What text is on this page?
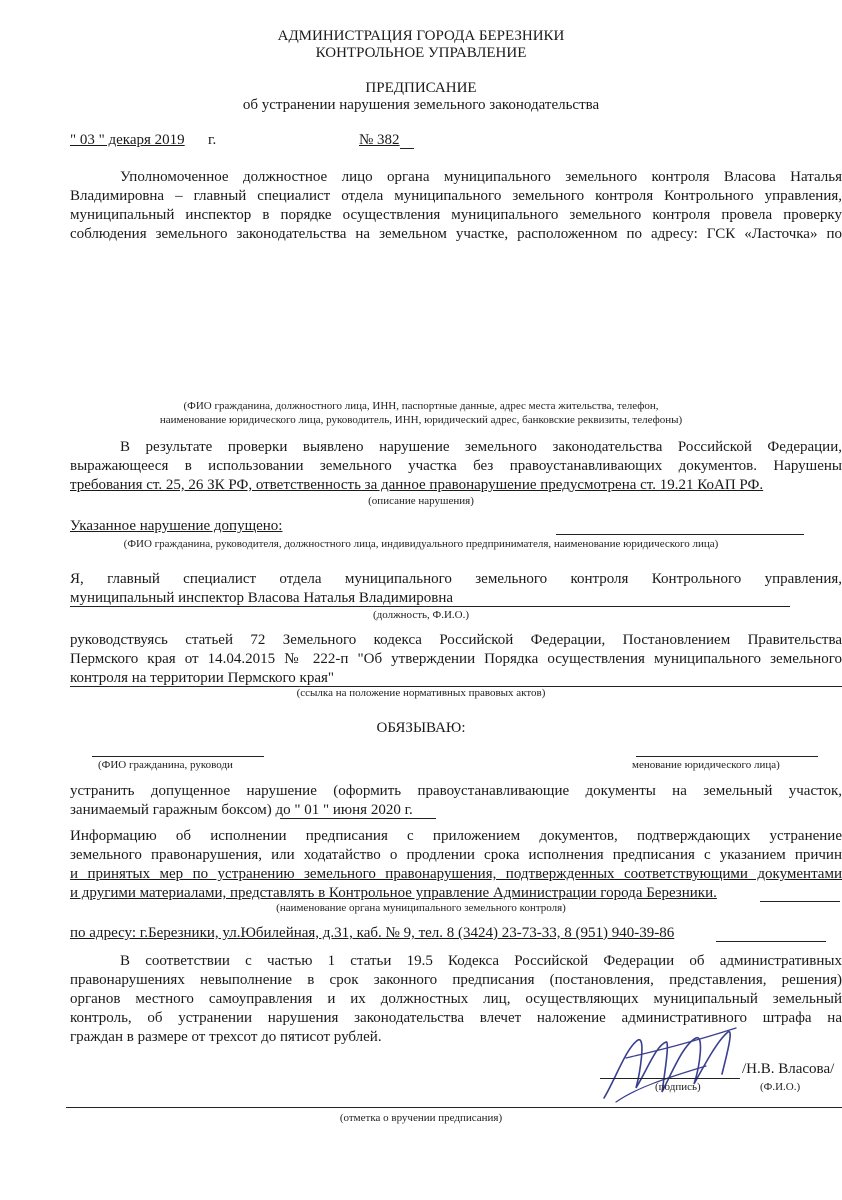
АДМИНИСТРАЦИЯ ГОРОДА БЕРЕЗНИКИ
КОНТРОЛЬНОЕ УПРАВЛЕНИЕ
ПРЕДПИСАНИЕ
об устранении нарушения земельного законодательства
" 03 " декаря 2019 г.	№ 382
Уполномоченное должностное лицо органа муниципального земельного контроля Власова Наталья
Владимировна – главный специалист отдела муниципального земельного контроля Контрольного управления,
муниципальный инспектор в порядке осуществления муниципального земельного контроля провела проверку
соблюдения земельного законодательства на земельном участке, расположенном по адресу: ГСК «Ласточка» по
(ФИО гражданина, должностного лица, ИНН, паспортные данные, адрес места жительства, телефон,
наименование юридического лица, руководитель, ИНН, юридический адрес, банковские реквизиты, телефоны)
В результате проверки выявлено нарушение земельного законодательства Российской Федерации,
выражающееся в использовании земельного участка без правоустанавливающих документов. Нарушены
требования ст. 25, 26 ЗК РФ, ответственность за данное правонарушение предусмотрена ст. 19.21 КоАП РФ.
(описание нарушения)
Указанное нарушение допущено:
(ФИО гражданина, руководителя, должностного лица, индивидуального предпринимателя, наименование юридического лица)
Я, главный специалист отдела муниципального земельного контроля Контрольного управления,
муниципальный инспектор Власова Наталья Владимировна
(должность, Ф.И.О.)
руководствуясь статьей 72 Земельного кодекса Российской Федерации, Постановлением Правительства
Пермского края от 14.04.2015 № 222-п "Об утверждении Порядка осуществления муниципального земельного
контроля на территории Пермского края"
(ссылка на положение нормативных правовых актов)
ОБЯЗЫВАЮ:
(ФИО гражданина, руководи	менование юридического лица)
устранить допущенное нарушение (оформить правоустанавливающие документы на земельный участок,
занимаемый гаражным боксом) до " 01 " июня 2020 г.
Информацию об исполнении предписания с приложением документов, подтверждающих устранение
земельного правонарушения, или ходатайство о продлении срока исполнения предписания с указанием причин
и принятых мер по устранению земельного правонарушения, подтвержденных соответствующими документами
и другими материалами, представлять в Контрольное управление Администрации города Березники.
(наименование органа муниципального земельного контроля)
по адресу: г.Березники, ул.Юбилейная, д.31, каб. № 9, тел. 8 (3424) 23-73-33, 8 (951) 940-39-86
В соответствии с частью 1 статьи 19.5 Кодекса Российской Федерации об административных
правонарушениях невыполнение в срок законного предписания (постановления, представления, решения)
органов местного самоуправления и их должностных лиц, осуществляющих муниципальный земельный
контроль, об устранении нарушения законодательства влечет наложение административного штрафа на
граждан в размере от трехсот до пятисот рублей.
/Н.В. Власова/
(подпись)	(Ф.И.О.)
(отметка о вручении предписания)
